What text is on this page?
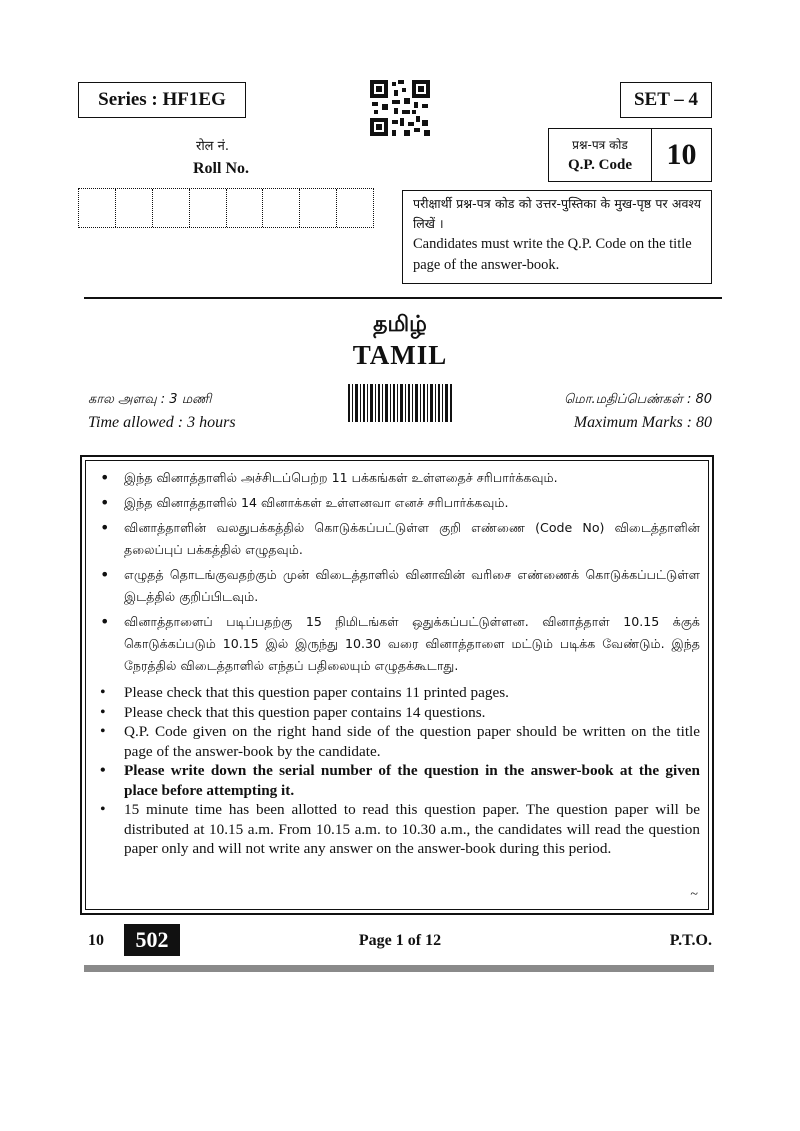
Series : HF1EG	SET – 4
रोल नं.
Roll No.
प्रश्न-पत्र कोड
Q.P. Code	10
परीक्षार्थी प्रश्न-पत्र कोड को उत्तर-पुस्तिका के मुख-पृष्ठ पर अवश्य लिखें ।
Candidates must write the Q.P. Code on the title page of the answer-book.
தமிழ்
TAMIL
கால அளவு : 3 மணி
Time allowed : 3 hours
மொ.மதிப்பெண்கள் : 80
Maximum Marks : 80
• இந்த வினாத்தாளில் அச்சிடப்பெற்ற 11 பக்கங்கள் உள்ளதைச் சரிபார்க்கவும்.
• இந்த வினாத்தாளில் 14 வினாக்கள் உள்ளனவா எனச் சரிபார்க்கவும்.
• வினாத்தாளின் வலதுபக்கத்தில் கொடுக்கப்பட்டுள்ள குறி எண்ணை (Code No) விடைத்தாளின் தலைப்புப் பக்கத்தில் எழுதவும்.
• எழுதத் தொடங்குவதற்கும் முன் விடைத்தாளில் வினாவின் வரிசை எண்ணைக் கொடுக்கப்பட்டுள்ள இடத்தில் குறிப்பிடவும்.
• வினாத்தாளைப் படிப்பதற்கு 15 நிமிடங்கள் ஒதுக்கப்பட்டுள்ளன. வினாத்தாள் 10.15 க்குக் கொடுக்கப்படும் 10.15 இல் இருந்து 10.30 வரை வினாத்தாளை மட்டும் படிக்க வேண்டும். இந்த நேரத்தில் விடைத்தாளில் எந்தப் பதிலையும் எழுதக்கூடாது.
• Please check that this question paper contains 11 printed pages.
• Please check that this question paper contains 14 questions.
• Q.P. Code given on the right hand side of the question paper should be written on the title page of the answer-book by the candidate.
• Please write down the serial number of the question in the answer-book at the given place before attempting it.
• 15 minute time has been allotted to read this question paper. The question paper will be distributed at 10.15 a.m. From 10.15 a.m. to 10.30 a.m., the candidates will read the question paper only and will not write any answer on the answer-book during this period.
~
10	502	Page 1 of 12	P.T.O.
